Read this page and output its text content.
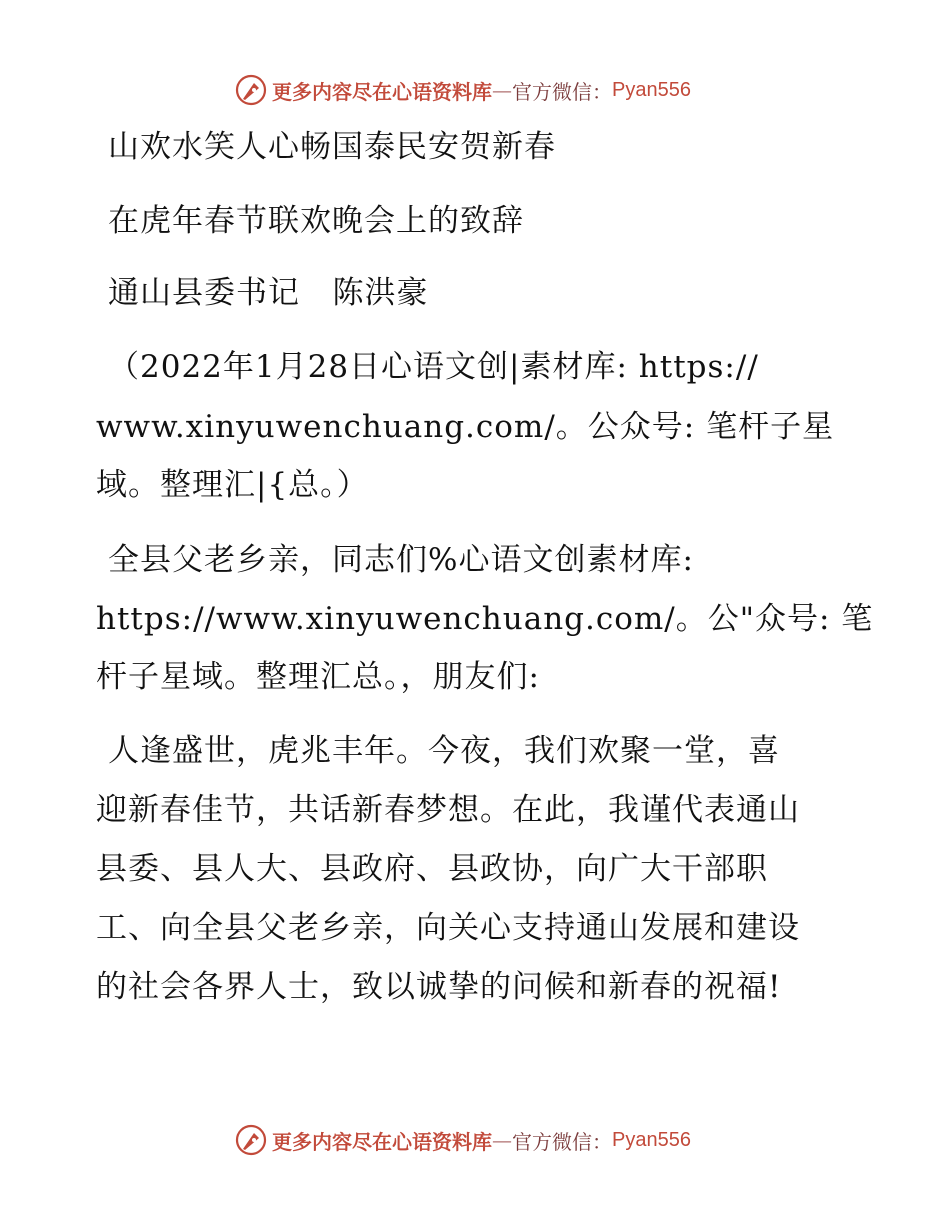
更多内容尽在心语资料库 — 官方微信： Pyan556
山欢水笑人心畅国泰民安贺新春
在虎年春节联欢晚会上的致辞
通山县委书记   陈洪豪
（2022年1月28日心语文创|素材库: https://
www.xinyuwenchuang.com/。公众号: 笔杆子星
域。整理汇|{总。）
全县父老乡亲，同志们%心语文创素材库:
https://www.xinyuwenchuang.com/。公"众号: 笔
杆子星域。整理汇总。，朋友们:
人逢盛世，虎兆丰年。今夜，我们欢聚一堂，喜
迎新春佳节，共话新春梦想。在此，我谨代表通山
县委、县人大、县政府、县政协，向广大干部职
工、向全县父老乡亲，向关心支持通山发展和建设
的社会各界人士，致以诚挚的问候和新春的祝福!
更多内容尽在心语资料库 — 官方微信： Pyan556
